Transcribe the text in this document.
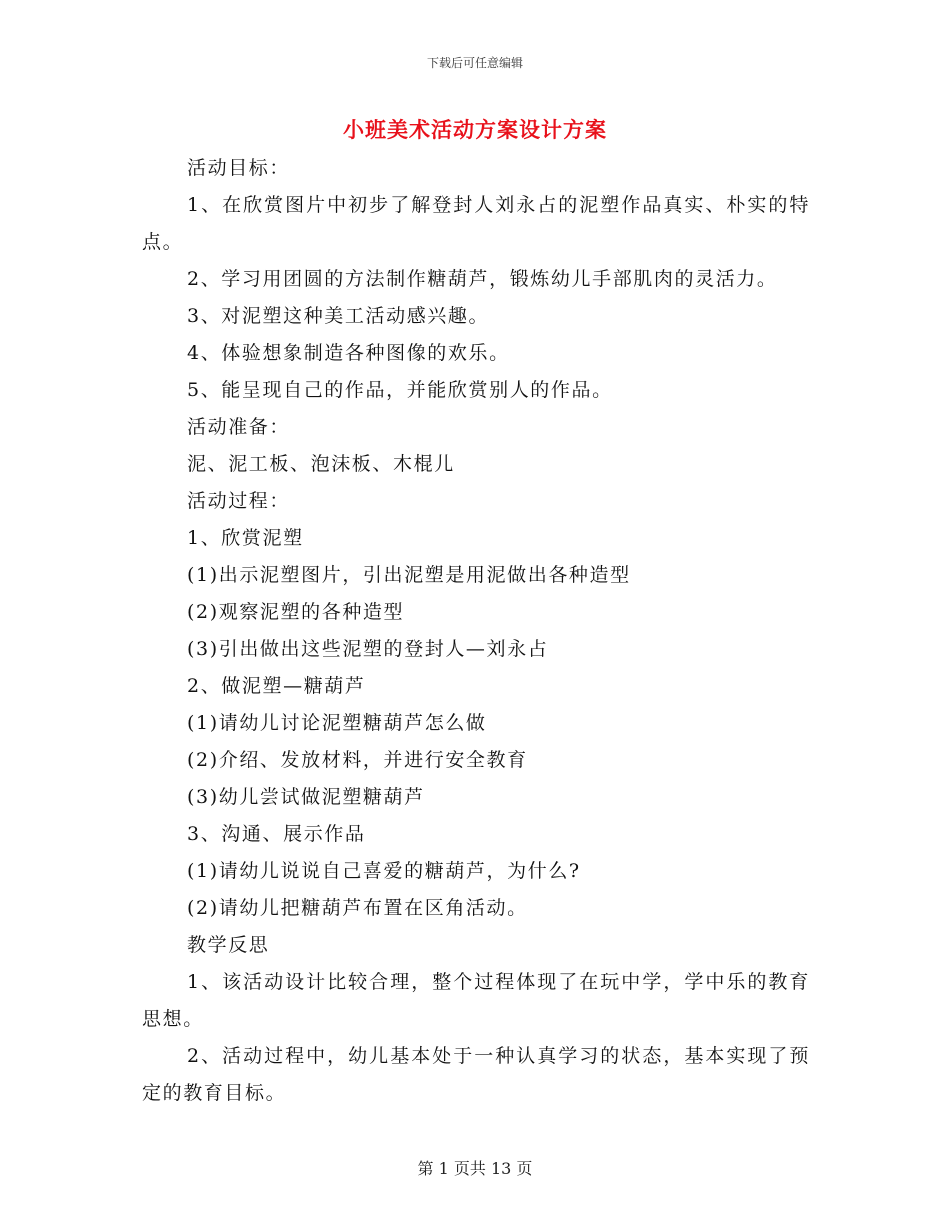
下载后可任意编辑
小班美术活动方案设计方案

活动目标：

1、在欣赏图片中初步了解登封人刘永占的泥塑作品真实、朴实的特点。

2、学习用团圆的方法制作糖葫芦，锻炼幼儿手部肌肉的灵活力。

3、对泥塑这种美工活动感兴趣。

4、体验想象制造各种图像的欢乐。

5、能呈现自己的作品，并能欣赏别人的作品。

活动准备：

泥、泥工板、泡沫板、木棍儿

活动过程：

1、欣赏泥塑

(1)出示泥塑图片，引出泥塑是用泥做出各种造型

(2)观察泥塑的各种造型

(3)引出做出这些泥塑的登封人—刘永占

2、做泥塑—糖葫芦

(1)请幼儿讨论泥塑糖葫芦怎么做

(2)介绍、发放材料，并进行安全教育

(3)幼儿尝试做泥塑糖葫芦

3、沟通、展示作品

(1)请幼儿说说自己喜爱的糖葫芦，为什么?

(2)请幼儿把糖葫芦布置在区角活动。

教学反思

1、该活动设计比较合理，整个过程体现了在玩中学，学中乐的教育思想。

2、活动过程中，幼儿基本处于一种认真学习的状态，基本实现了预定的教育目标。

第 1 页共 13 页
